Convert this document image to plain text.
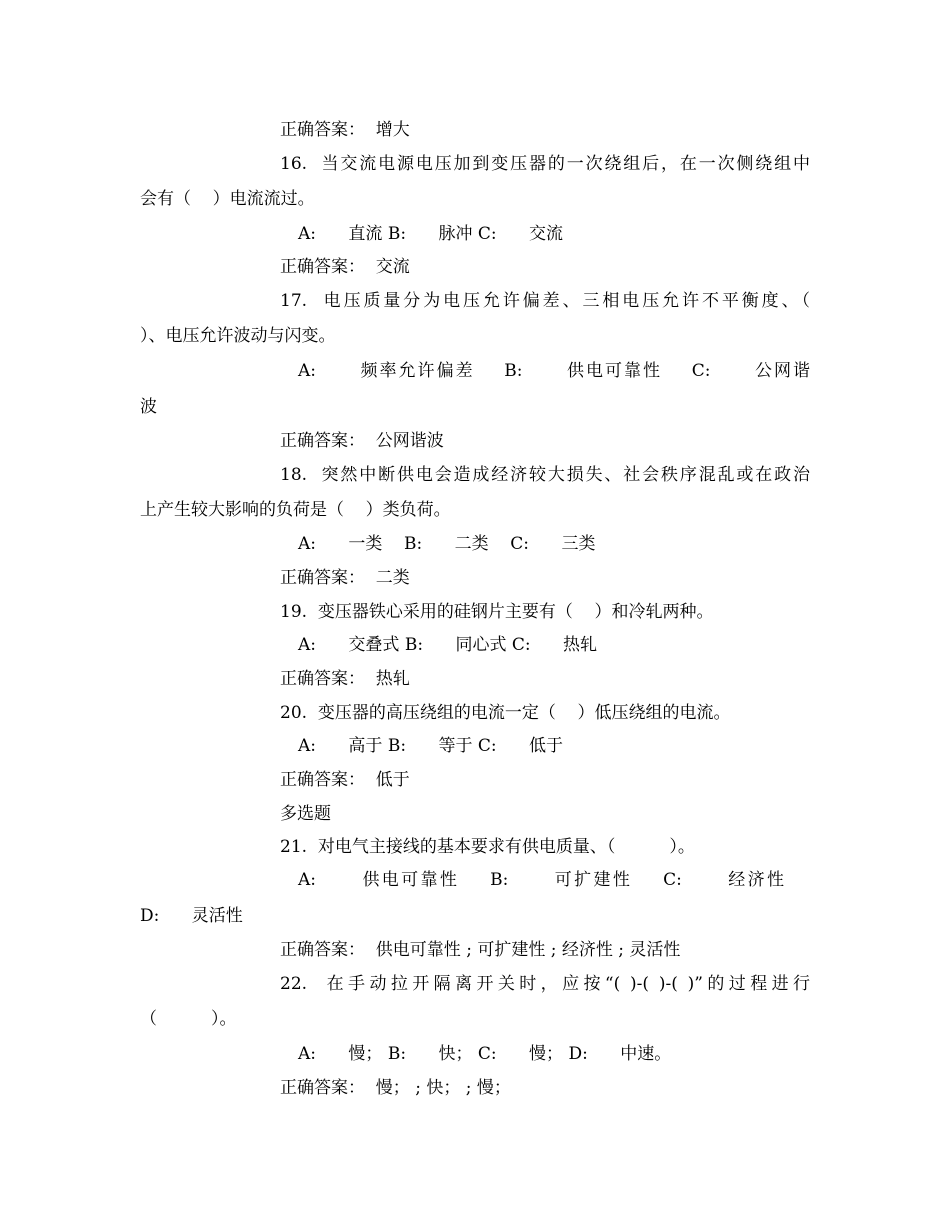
正确答案：  增大
16.  当交流电源电压加到变压器的一次绕组后，在一次侧绕组中
会有（    ）电流流过。
A:      直流 B:      脉冲 C:      交流
正确答案：  交流
17.  电压质量分为电压允许偏差、三相电压允许不平衡度、（
）、电压允许波动与闪变。
A:      频率允许偏差    B:      供电可靠性    C:      公网谐
波
正确答案：  公网谐波
18.  突然中断供电会造成经济较大损失、社会秩序混乱或在政治
上产生较大影响的负荷是（    ）类负荷。
A:      一类    B:      二类    C:      三类
正确答案：  二类
19.  变压器铁心采用的硅钢片主要有（    ）和冷轧两种。
A:      交叠式 B:      同心式 C:      热轧
正确答案：  热轧
20.  变压器的高压绕组的电流一定（    ）低压绕组的电流。
A:      高于 B:      等于 C:      低于
正确答案：  低于
多选题
21.  对电气主接线的基本要求有供电质量、（          ）。
A:      供电可靠性    B:      可扩建性    C:      经济性
D:      灵活性
正确答案：  供电可靠性 ; 可扩建性 ; 经济性 ; 灵活性
22.  在手动拉开隔离开关时，应按“( )-( )-( )”的过程进行
（          ）。
A:      慢； B:      快； C:      慢； D:      中速。
正确答案：  慢； ; 快； ; 慢；
